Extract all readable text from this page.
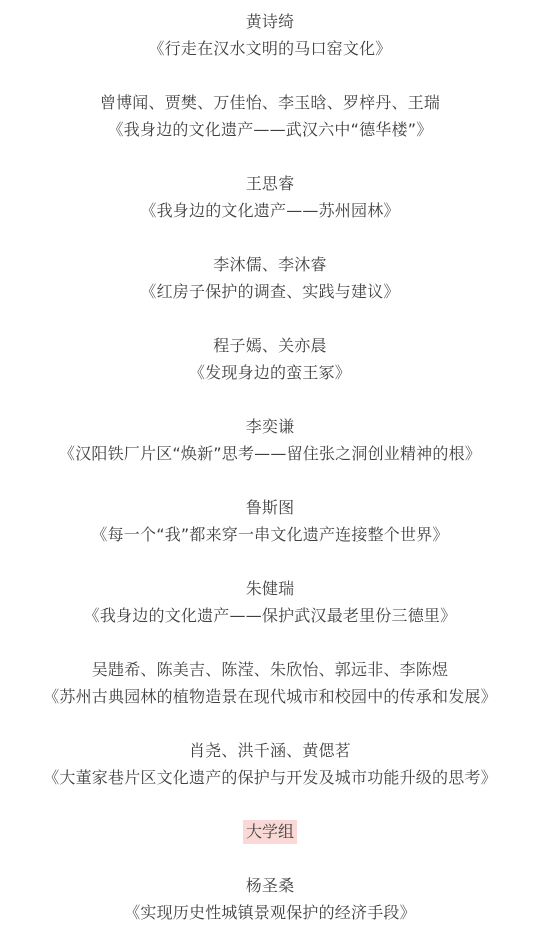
黄诗绮
《行走在汉水文明的马口窑文化》
曾博闻、贾樊、万佳怡、李玉晗、罗梓丹、王瑞
《我身边的文化遗产——武汉六中“德华楼”》
王思睿
《我身边的文化遗产——苏州园林》
李沐儒、李沐睿
《红房子保护的调查、实践与建议》
程子嫣、关亦晨
《发现身边的蛮王冢》
李奕谦
《汉阳铁厂片区“焕新”思考——留住张之洞创业精神的根》
鲁斯图
《每一个“我”都来穿一串文化遗产连接整个世界》
朱健瑞
《我身边的文化遗产——保护武汉最老里份三德里》
吴韪希、陈美吉、陈滢、朱欣怡、郭远非、李陈煜
《苏州古典园林的植物造景在现代城市和校园中的传承和发展》
肖尧、洪千涵、黄偲茗
《大董家巷片区文化遗产的保护与开发及城市功能升级的思考》
大学组
杨圣桑
《实现历史性城镇景观保护的经济手段》
